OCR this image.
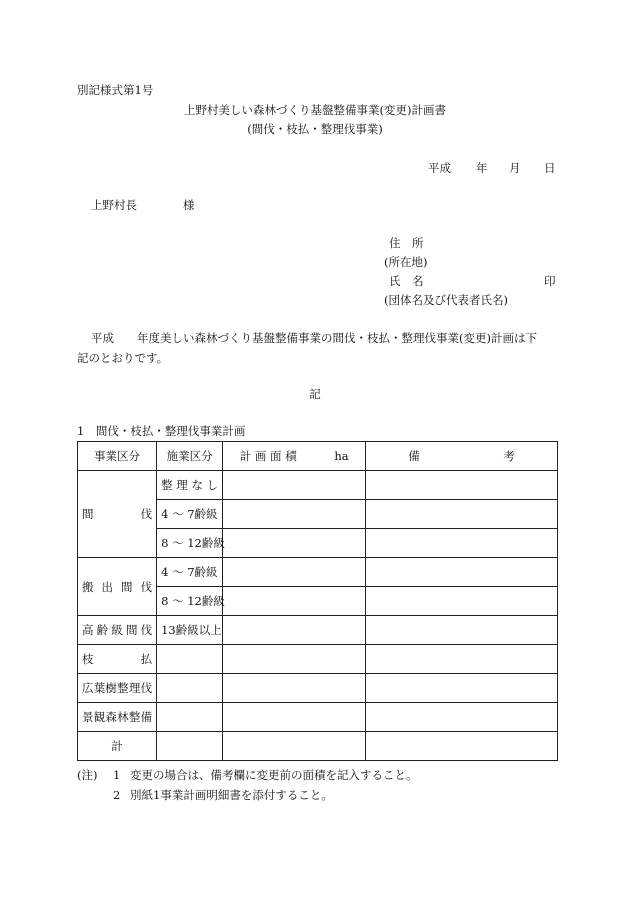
別記様式第1号
上野村美しい森林づくり基盤整備事業(変更)計画書
(間伐・枝払・整理伐事業)
平成 年 月 日
上野村長	様
住　所
(所在地)
氏　名	印
(団体名及び代表者氏名)
平成　　年度美しい森林づくり基盤整備事業の間伐・枝払・整理伐事業(変更)計画は下
記のとおりです。
記
1　間伐・枝払・整理伐事業計画
事業区分	施業区分	計 画 面 積 ha	備 考
間　　　伐	整 理 な し		
	4 ～ 7齢級		
	8 ～ 12齢級		
搬 出 間 伐	4 ～ 7齢級		
	8 ～ 12齢級		
高齢級間伐	13齢級以上		
枝　　　払			
広葉樹整理伐			
景観森林整備			
計			
(注) 1 変更の場合は、備考欄に変更前の面積を記入すること。
2 別紙1事業計画明細書を添付すること。
